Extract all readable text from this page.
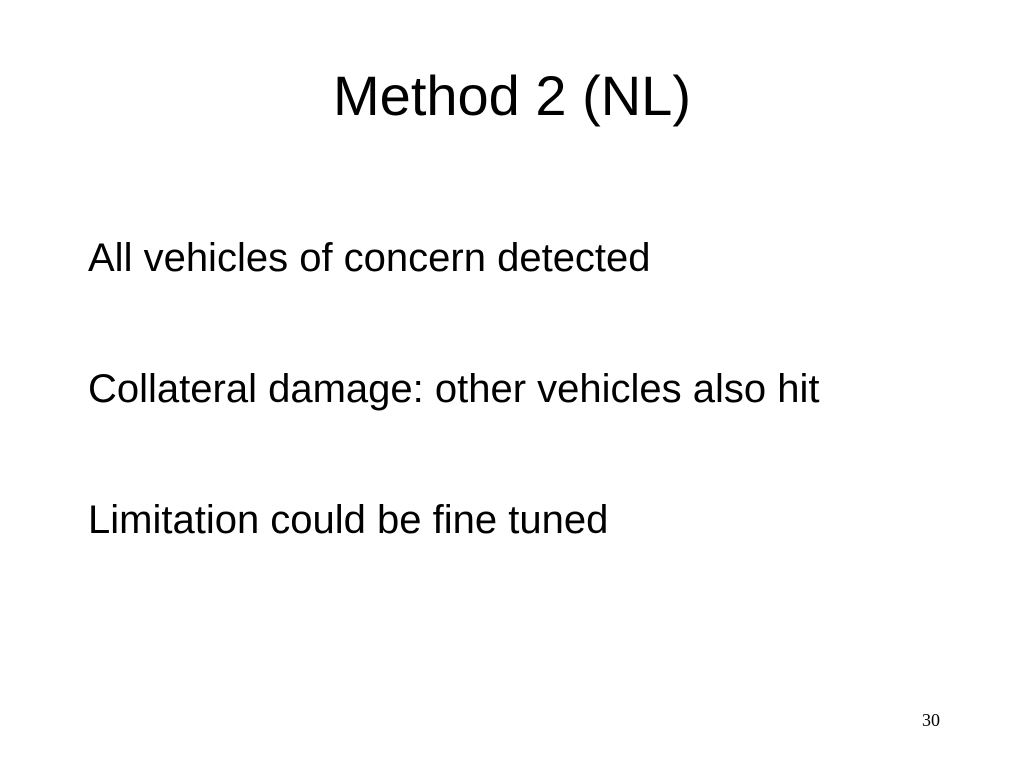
Method 2 (NL)
All vehicles of concern detected
Collateral damage: other vehicles also hit
Limitation could be fine tuned
30
